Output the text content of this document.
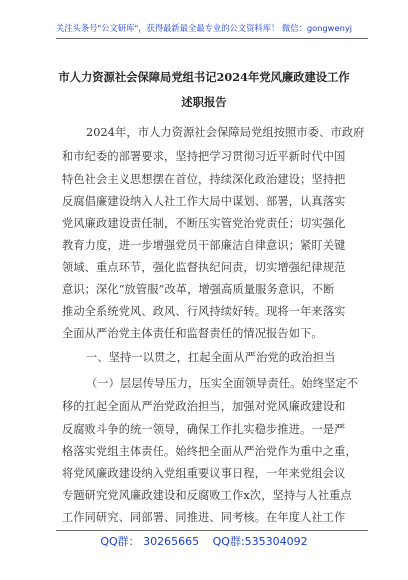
关注头条号"公文研库"，获得最新最全最专业的公文资料库！ 微信：gongwenyj
市人力资源社会保障局党组书记2024年党风廉政建设工作
述职报告
2024年，市人力资源社会保障局党组按照市委、市政府
和市纪委的部署要求，坚持把学习贯彻习近平新时代中国
特色社会主义思想摆在首位，持续深化政治建设；坚持把
反腐倡廉建设纳入人社工作大局中谋划、部署，认真落实
党风廉政建设责任制，不断压实管党治党责任；切实强化
教育力度，进一步增强党员干部廉洁自律意识；紧盯关键
领域、重点环节，强化监督执纪问责，切实增强纪律规范
意识；深化“放管服”改革，增强高质量服务意识，不断
推动全系统党风、政风、行风持续好转。现将一年来落实
全面从严治党主体责任和监督责任的情况报告如下。
一、坚持一以贯之，扛起全面从严治党的政治担当
（一）层层传导压力，压实全面领导责任。始终坚定不
移的扛起全面从严治党政治担当，加强对党风廉政建设和
反腐败斗争的统一领导，确保工作扎实稳步推进。一是严
格落实党组主体责任。始终把全面从严治党作为重中之重，
将党风廉政建设纳入党组重要议事日程，一年来党组会议
专题研究党风廉政建设和反腐败工作x次，坚持与人社重点
工作同研究、同部署、同推进、同考核。在年度人社工作
QQ群： 30265665 QQ群:535304092
